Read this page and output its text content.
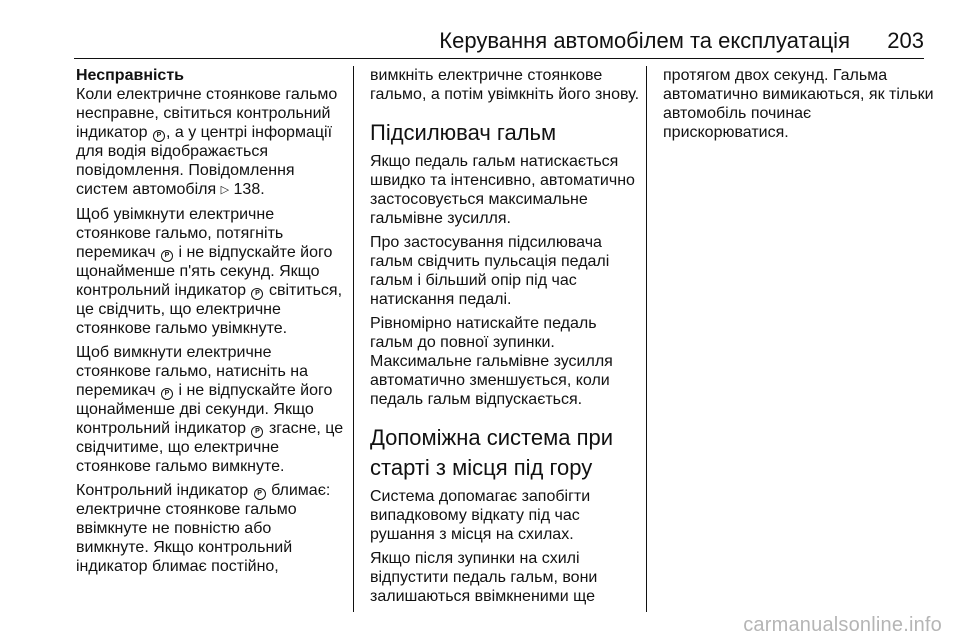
Керування автомобілем та експлуатація 203

Несправність
Коли електричне стоянкове гальмо несправне, світиться контрольний індикатор P , а у центрі інформації для водія відображається повідомлення. Повідомлення систем автомобіля ▷ 138.

Щоб увімкнути електричне стоянкове гальмо, потягніть перемикач P і не відпускайте його щонайменше п'ять секунд. Якщо контрольний індикатор P світиться, це свідчить, що електричне стоянкове гальмо увімкнуте.

Щоб вимкнути електричне стоянкове гальмо, натисніть на перемикач P і не відпускайте його щонайменше дві секунди. Якщо контрольний індикатор P згасне, це свідчитиме, що електричне стоянкове гальмо вимкнуте.

Контрольний індикатор P блимає: електричне стоянкове гальмо ввімкнуте не повністю або вимкнуте. Якщо контрольний індикатор блимає постійно,

вимкніть електричне стоянкове гальмо, а потім увімкніть його знову.

Підсилювач гальм

Якщо педаль гальм натискається швидко та інтенсивно, автоматично застосовується максимальне гальмівне зусилля.

Про застосування підсилювача гальм свідчить пульсація педалі гальм і більший опір під час натискання педалі.

Рівномірно натискайте педаль гальм до повної зупинки. Максимальне гальмівне зусилля автоматично зменшується, коли педаль гальм відпускається.

Допоміжна система при старті з місця під гору

Система допомагає запобігти випадковому відкату під час рушання з місця на схилах.

Якщо після зупинки на схилі відпустити педаль гальм, вони залишаються ввімкненими ще

протягом двох секунд. Гальма автоматично вимикаються, як тільки автомобіль починає прискорюватися.

carmanualsonline.info
